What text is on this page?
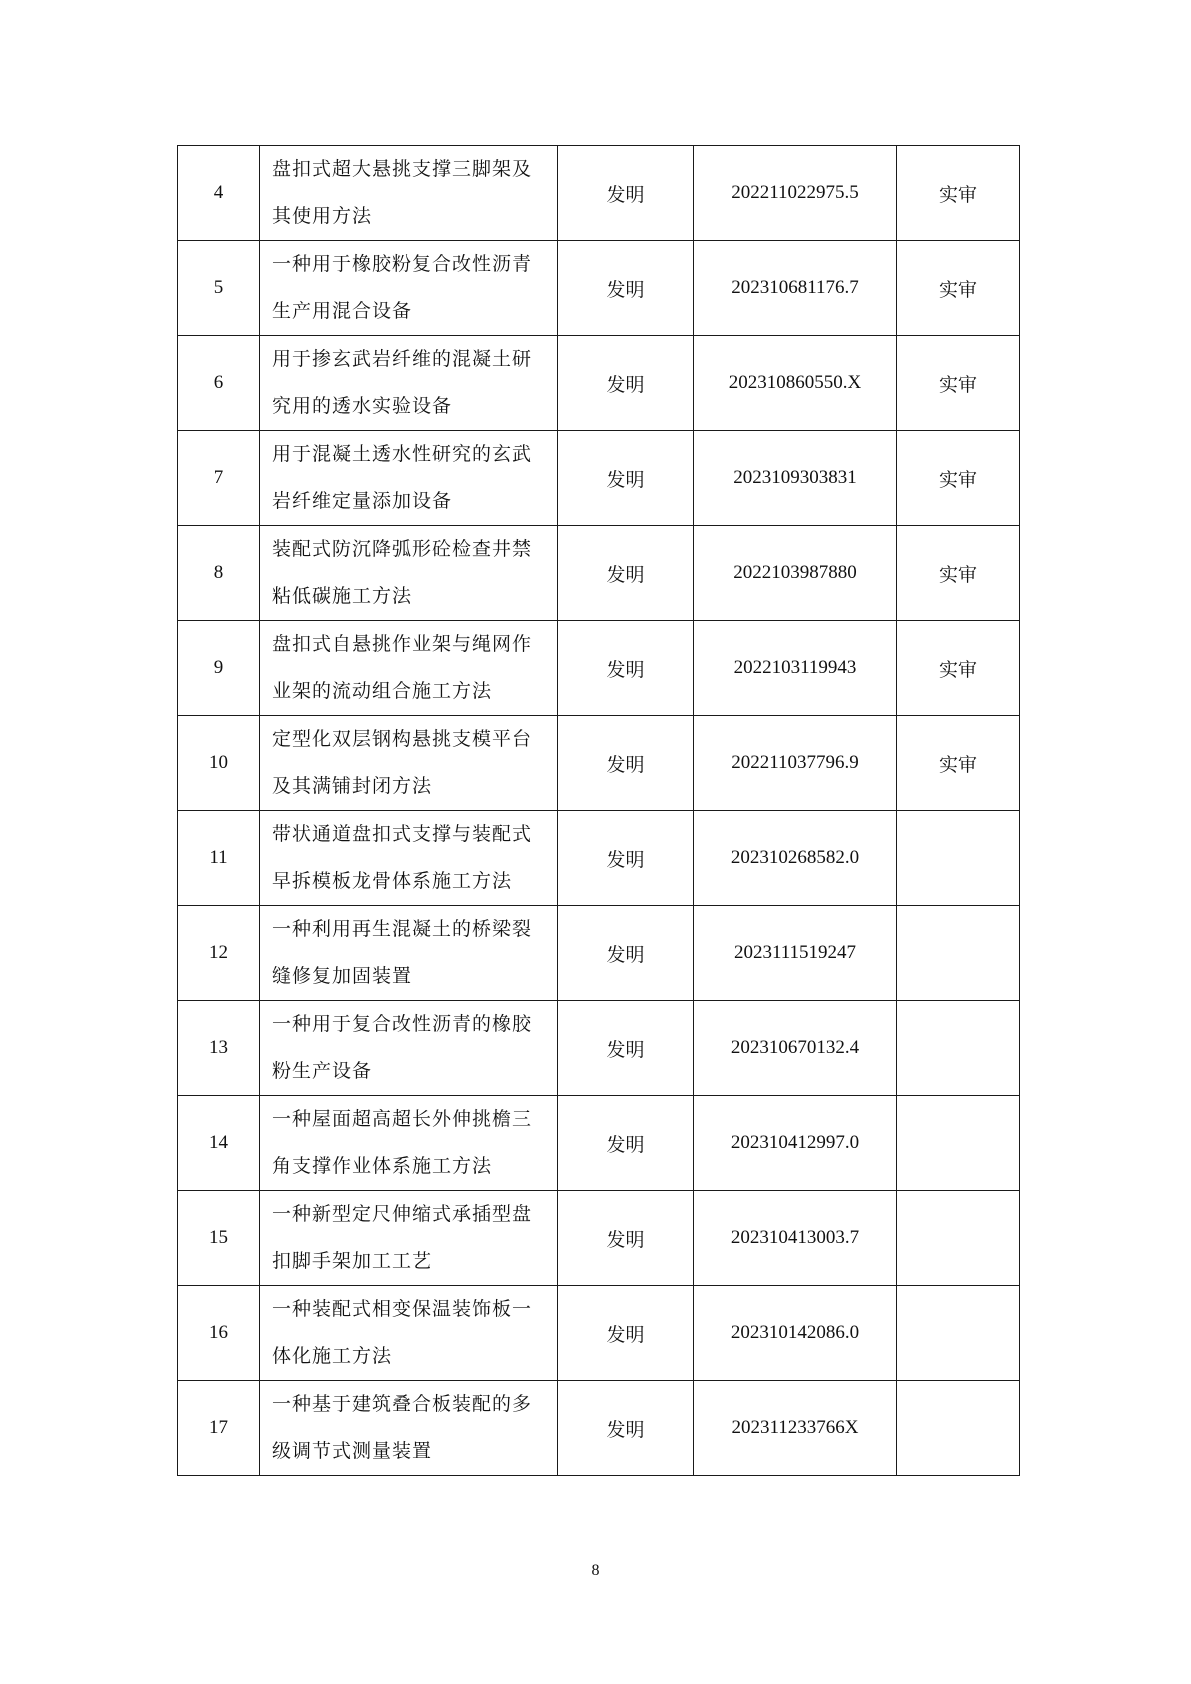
4	盘扣式超大悬挑支撑三脚架及其使用方法	发明	202211022975.5	实审
5	一种用于橡胶粉复合改性沥青生产用混合设备	发明	202310681176.7	实审
6	用于掺玄武岩纤维的混凝土研究用的透水实验设备	发明	202310860550.X	实审
7	用于混凝土透水性研究的玄武岩纤维定量添加设备	发明	2023109303831	实审
8	装配式防沉降弧形砼检查井禁粘低碳施工方法	发明	2022103987880	实审
9	盘扣式自悬挑作业架与绳网作业架的流动组合施工方法	发明	2022103119943	实审
10	定型化双层钢构悬挑支模平台及其满铺封闭方法	发明	202211037796.9	实审
11	带状通道盘扣式支撑与装配式早拆模板龙骨体系施工方法	发明	202310268582.0	
12	一种利用再生混凝土的桥梁裂缝修复加固装置	发明	2023111519247	
13	一种用于复合改性沥青的橡胶粉生产设备	发明	202310670132.4	
14	一种屋面超高超长外伸挑檐三角支撑作业体系施工方法	发明	202310412997.0	
15	一种新型定尺伸缩式承插型盘扣脚手架加工工艺	发明	202310413003.7	
16	一种装配式相变保温装饰板一体化施工方法	发明	202310142086.0	
17	一种基于建筑叠合板装配的多级调节式测量装置	发明	202311233766X	
8
